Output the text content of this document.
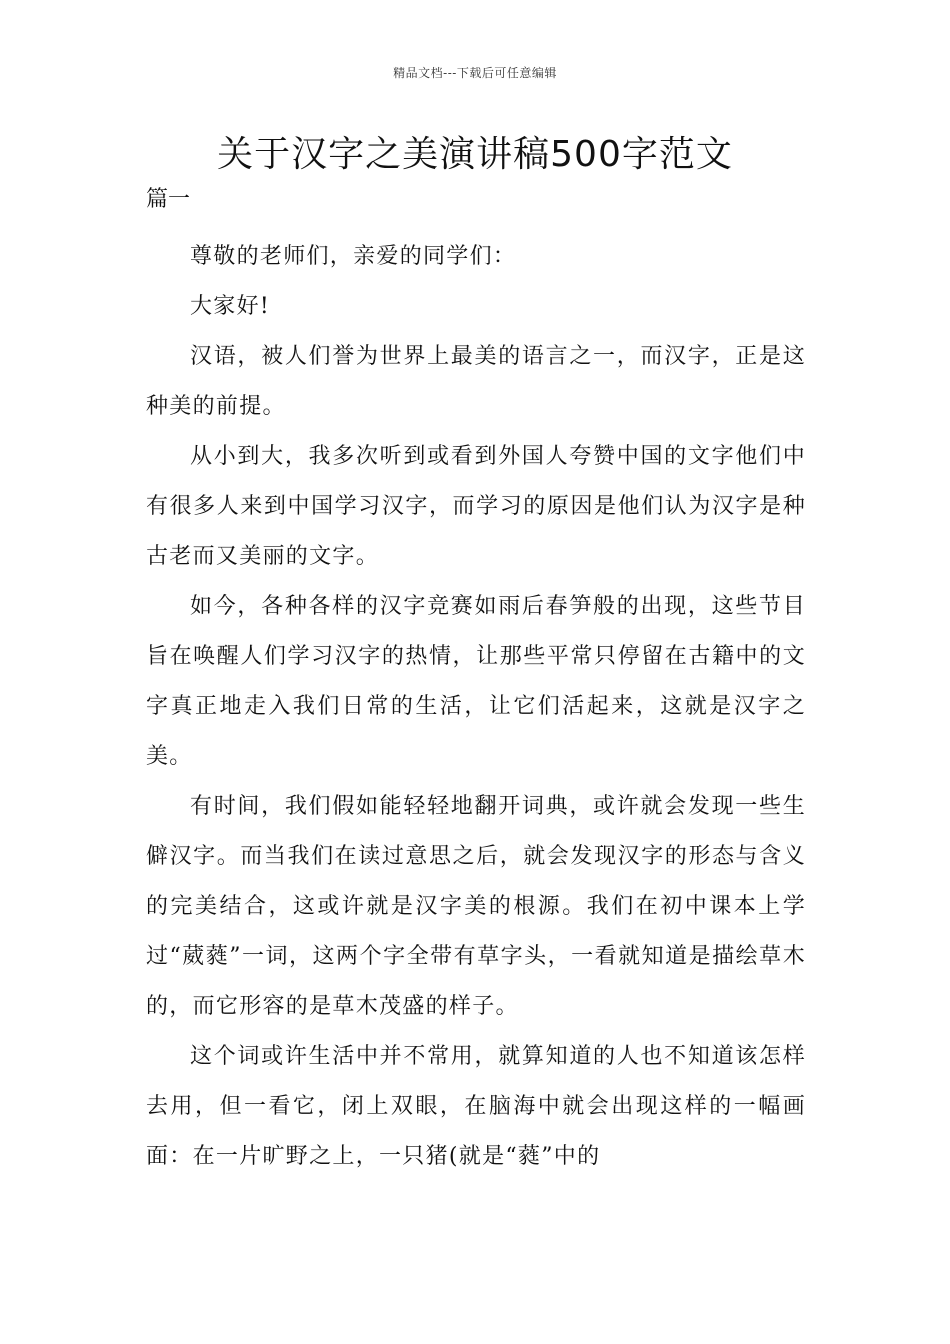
精品文档---下载后可任意编辑
关于汉字之美演讲稿500字范文
篇一

尊敬的老师们，亲爱的同学们：

大家好!

汉语，被人们誉为世界上最美的语言之一，而汉字，正是这种美的前提。

从小到大，我多次听到或看到外国人夸赞中国的文字他们中有很多人来到中国学习汉字，而学习的原因是他们认为汉字是种古老而又美丽的文字。

如今，各种各样的汉字竞赛如雨后春笋般的出现，这些节目旨在唤醒人们学习汉字的热情，让那些平常只停留在古籍中的文字真正地走入我们日常的生活，让它们活起来，这就是汉字之美。

有时间，我们假如能轻轻地翻开词典，或许就会发现一些生僻汉字。而当我们在读过意思之后，就会发现汉字的形态与含义的完美结合，这或许就是汉字美的根源。我们在初中课本上学过“葳蕤”一词，这两个字全带有草字头，一看就知道是描绘草木的，而它形容的是草木茂盛的样子。

这个词或许生活中并不常用，就算知道的人也不知道该怎样去用，但一看它，闭上双眼，在脑海中就会出现这样的一幅画面：在一片旷野之上，一只猪(就是“蕤”中的
